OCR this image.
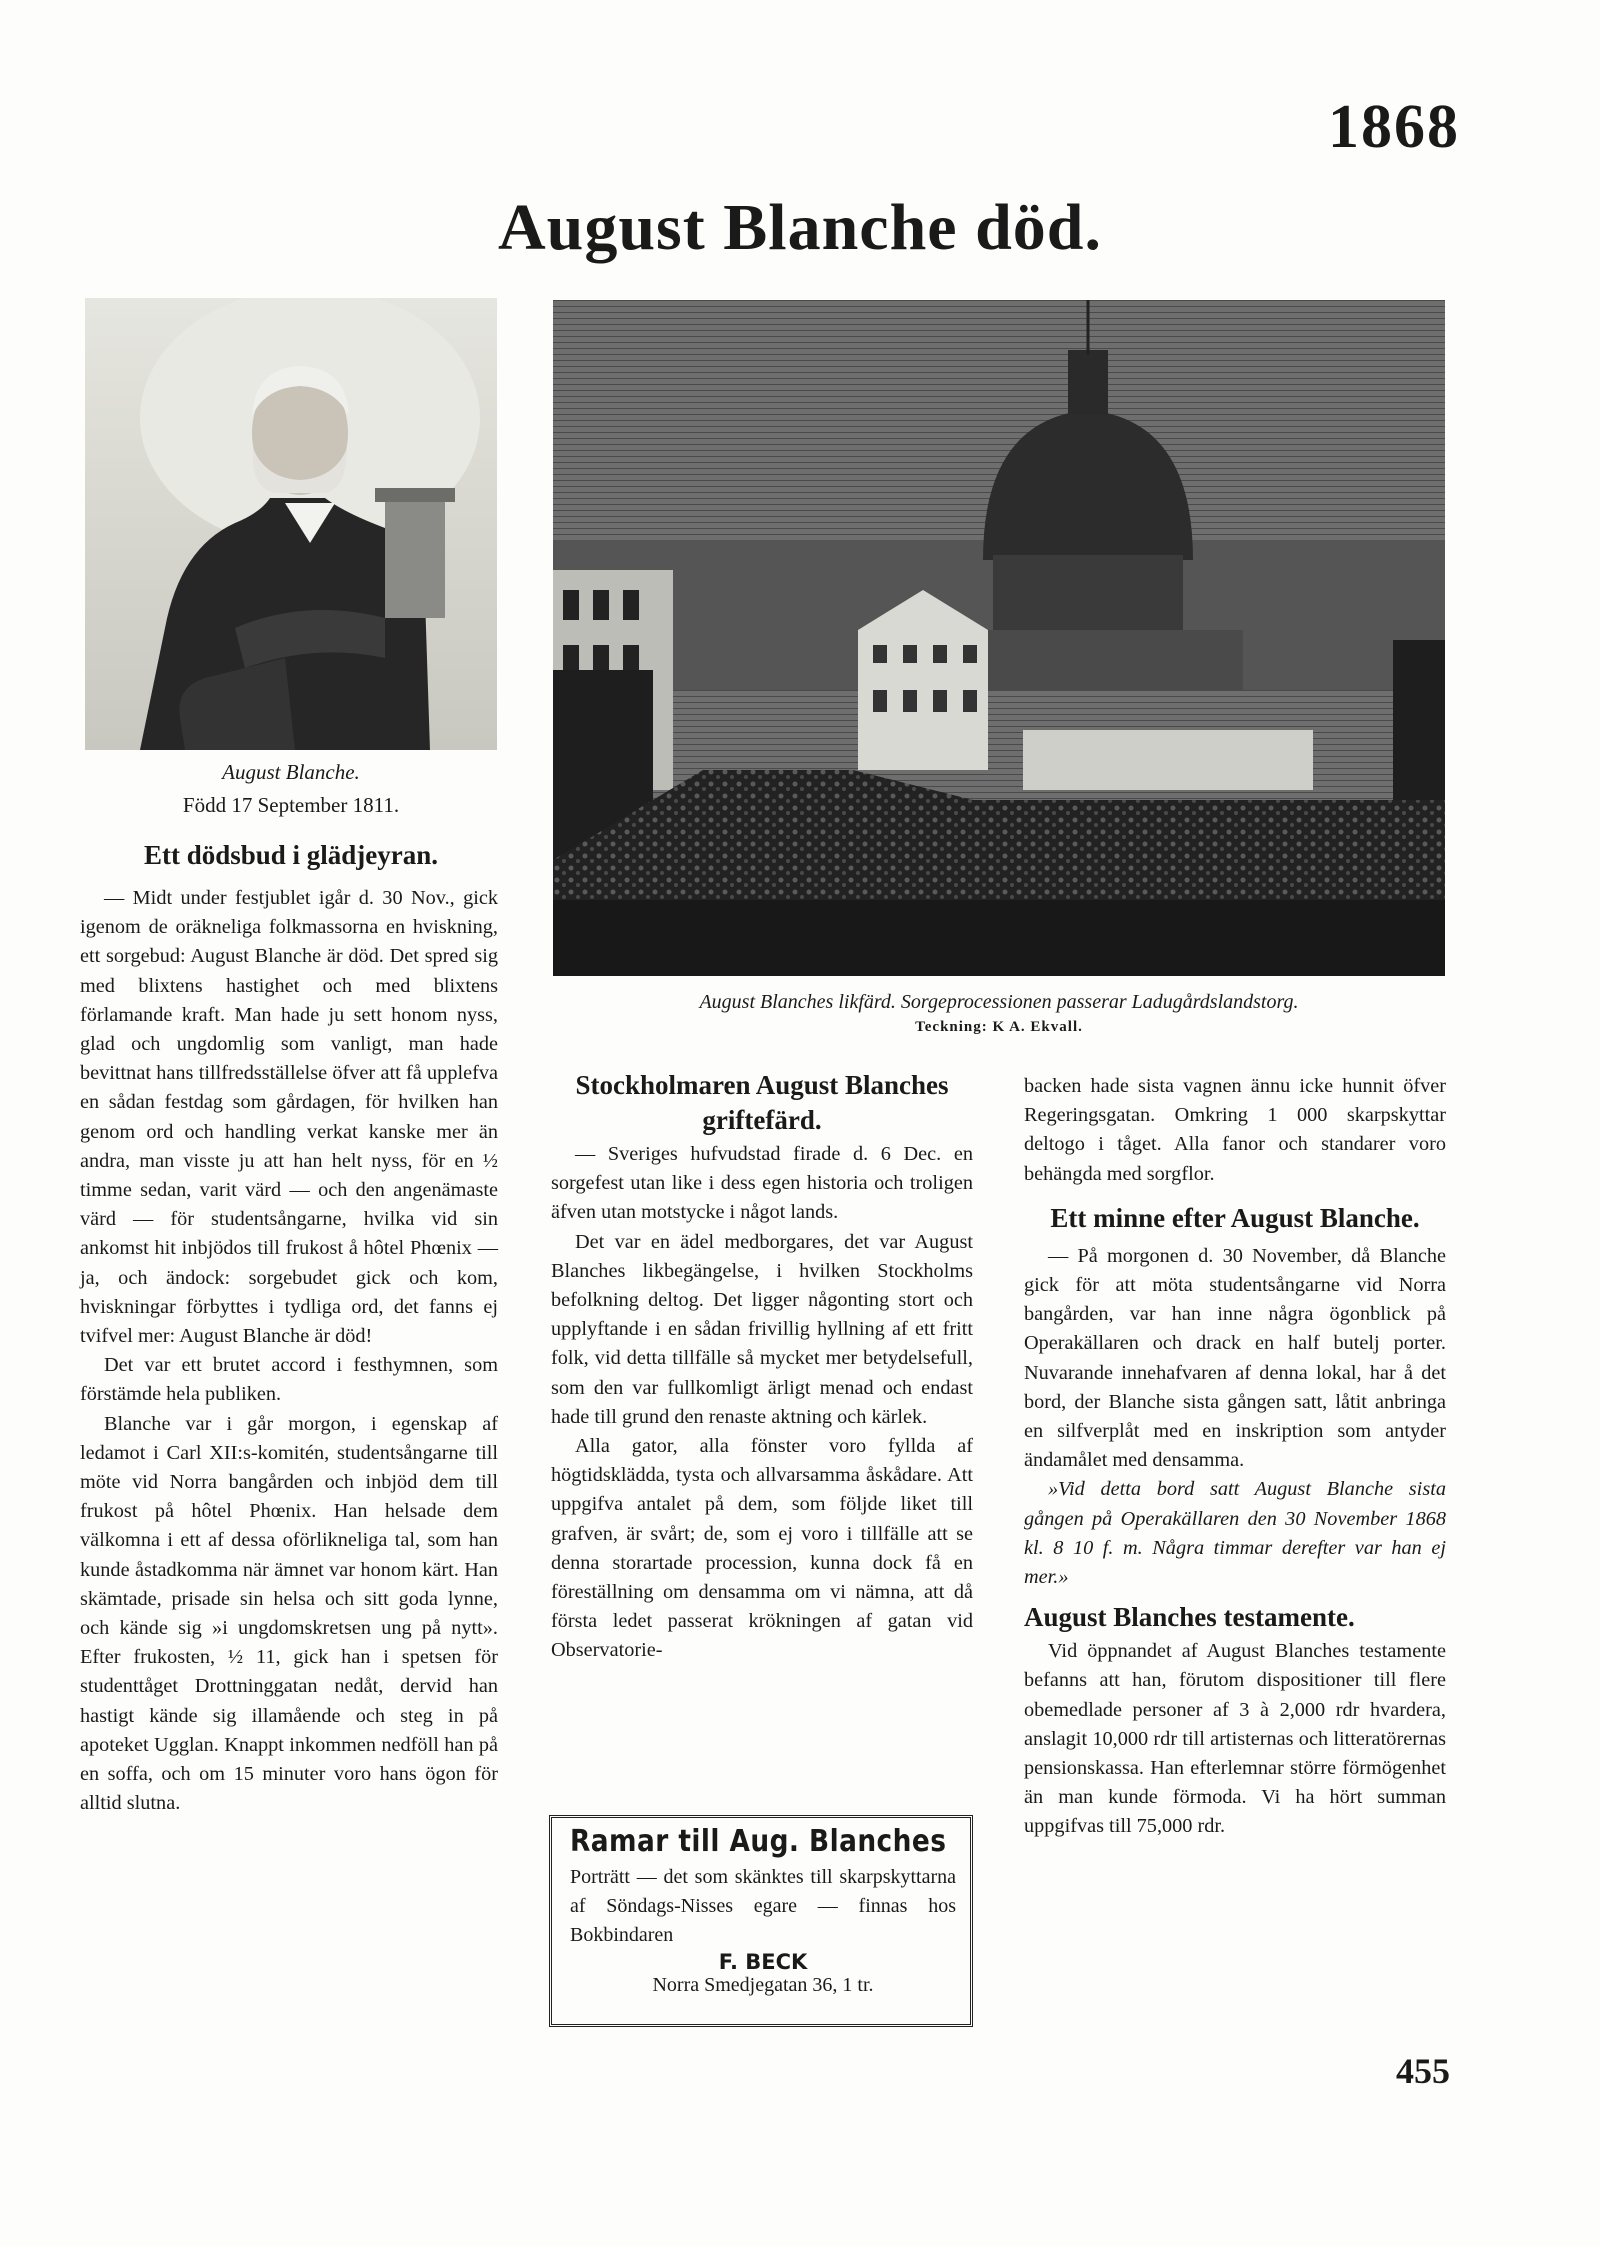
1868
August Blanche död.
August Blanche.
Född 17 September 1811.
August Blanches likfärd. Sorgeprocessionen passerar Ladugårdslandstorg.
Teckning: K A. Ekvall.
Ett dödsbud i glädjeyran.

— Midt under festjublet igår d. 30 Nov., gick igenom de oräkneliga folkmassorna en hviskning, ett sorgebud: August Blanche är död. Det spred sig med blixtens hastighet och med blixtens förlamande kraft. Man hade ju sett honom nyss, glad och ungdomlig som vanligt, man hade bevittnat hans tillfredsställelse öfver att få upplefva en sådan festdag som gårdagen, för hvilken han genom ord och handling verkat kanske mer än andra, man visste ju att han helt nyss, för en ½ timme sedan, varit värd — och den angenämaste värd — för studentsångarne, hvilka vid sin ankomst hit inbjödos till frukost å hôtel Phœnix — ja, och ändock: sorgebudet gick och kom, hviskningar förbyttes i tydliga ord, det fanns ej tvifvel mer: August Blanche är död!

Det var ett brutet accord i festhymnen, som förstämde hela publiken.

Blanche var i går morgon, i egenskap af ledamot i Carl XII:s-komitén, studentsångarne till möte vid Norra bangården och inbjöd dem till frukost på hôtel Phœnix. Han helsade dem välkomna i ett af dessa oförlikneliga tal, som han kunde åstadkomma när ämnet var honom kärt. Han skämtade, prisade sin helsa och sitt goda lynne, och kände sig »i ungdomskretsen ung på nytt». Efter frukosten, ½ 11, gick han i spetsen för studenttåget Drottninggatan nedåt, dervid han hastigt kände sig illamående och steg in på apoteket Ugglan. Knappt inkommen nedföll han på en soffa, och om 15 minuter voro hans ögon för alltid slutna.

Stockholmaren August Blanches griftefärd.

— Sveriges hufvudstad firade d. 6 Dec. en sorgefest utan like i dess egen historia och troligen äfven utan motstycke i något lands.

Det var en ädel medborgares, det var August Blanches likbegängelse, i hvilken Stockholms befolkning deltog. Det ligger någonting stort och upplyftande i en sådan frivillig hyllning af ett fritt folk, vid detta tillfälle så mycket mer betydelsefull, som den var fullkomligt ärligt menad och endast hade till grund den renaste aktning och kärlek.

Alla gator, alla fönster voro fyllda af högtidsklädda, tysta och allvarsamma åskådare. Att uppgifva antalet på dem, som följde liket till grafven, är svårt; de, som ej voro i tillfälle att se denna storartade procession, kunna dock få en föreställning om densamma om vi nämna, att då första ledet passerat krökningen af gatan vid Observatorie-

backen hade sista vagnen ännu icke hunnit öfver Regeringsgatan. Omkring 1 000 skarpskyttar deltogo i tåget. Alla fanor och standarer voro behängda med sorgflor.

Ett minne efter August Blanche.

— På morgonen d. 30 November, då Blanche gick för att möta studentsångarne vid Norra bangården, var han inne några ögonblick på Operakällaren och drack en half butelj porter. Nuvarande innehafvaren af denna lokal, har å det bord, der Blanche sista gången satt, låtit anbringa en silfverplåt med en inskription som antyder ändamålet med densamma.

»Vid detta bord satt August Blanche sista gången på Operakällaren den 30 November 1868 kl. 8 10 f. m. Några timmar derefter var han ej mer.»

August Blanches testamente.

Vid öppnandet af August Blanches testamente befanns att han, förutom dispositioner till flere obemedlade personer af 3 à 2,000 rdr hvardera, anslagit 10,000 rdr till artisternas och litteratörernas pensionskassa. Han efterlemnar större förmögenhet än man kunde förmoda. Vi ha hört summan uppgifvas till 75,000 rdr.

Ramar till Aug. Blanches
Porträtt — det som skänktes till skarpskyttarna af Söndags-Nisses egare — finnas hos Bokbindaren
F. BECK
Norra Smedjegatan 36, 1 tr.
455
